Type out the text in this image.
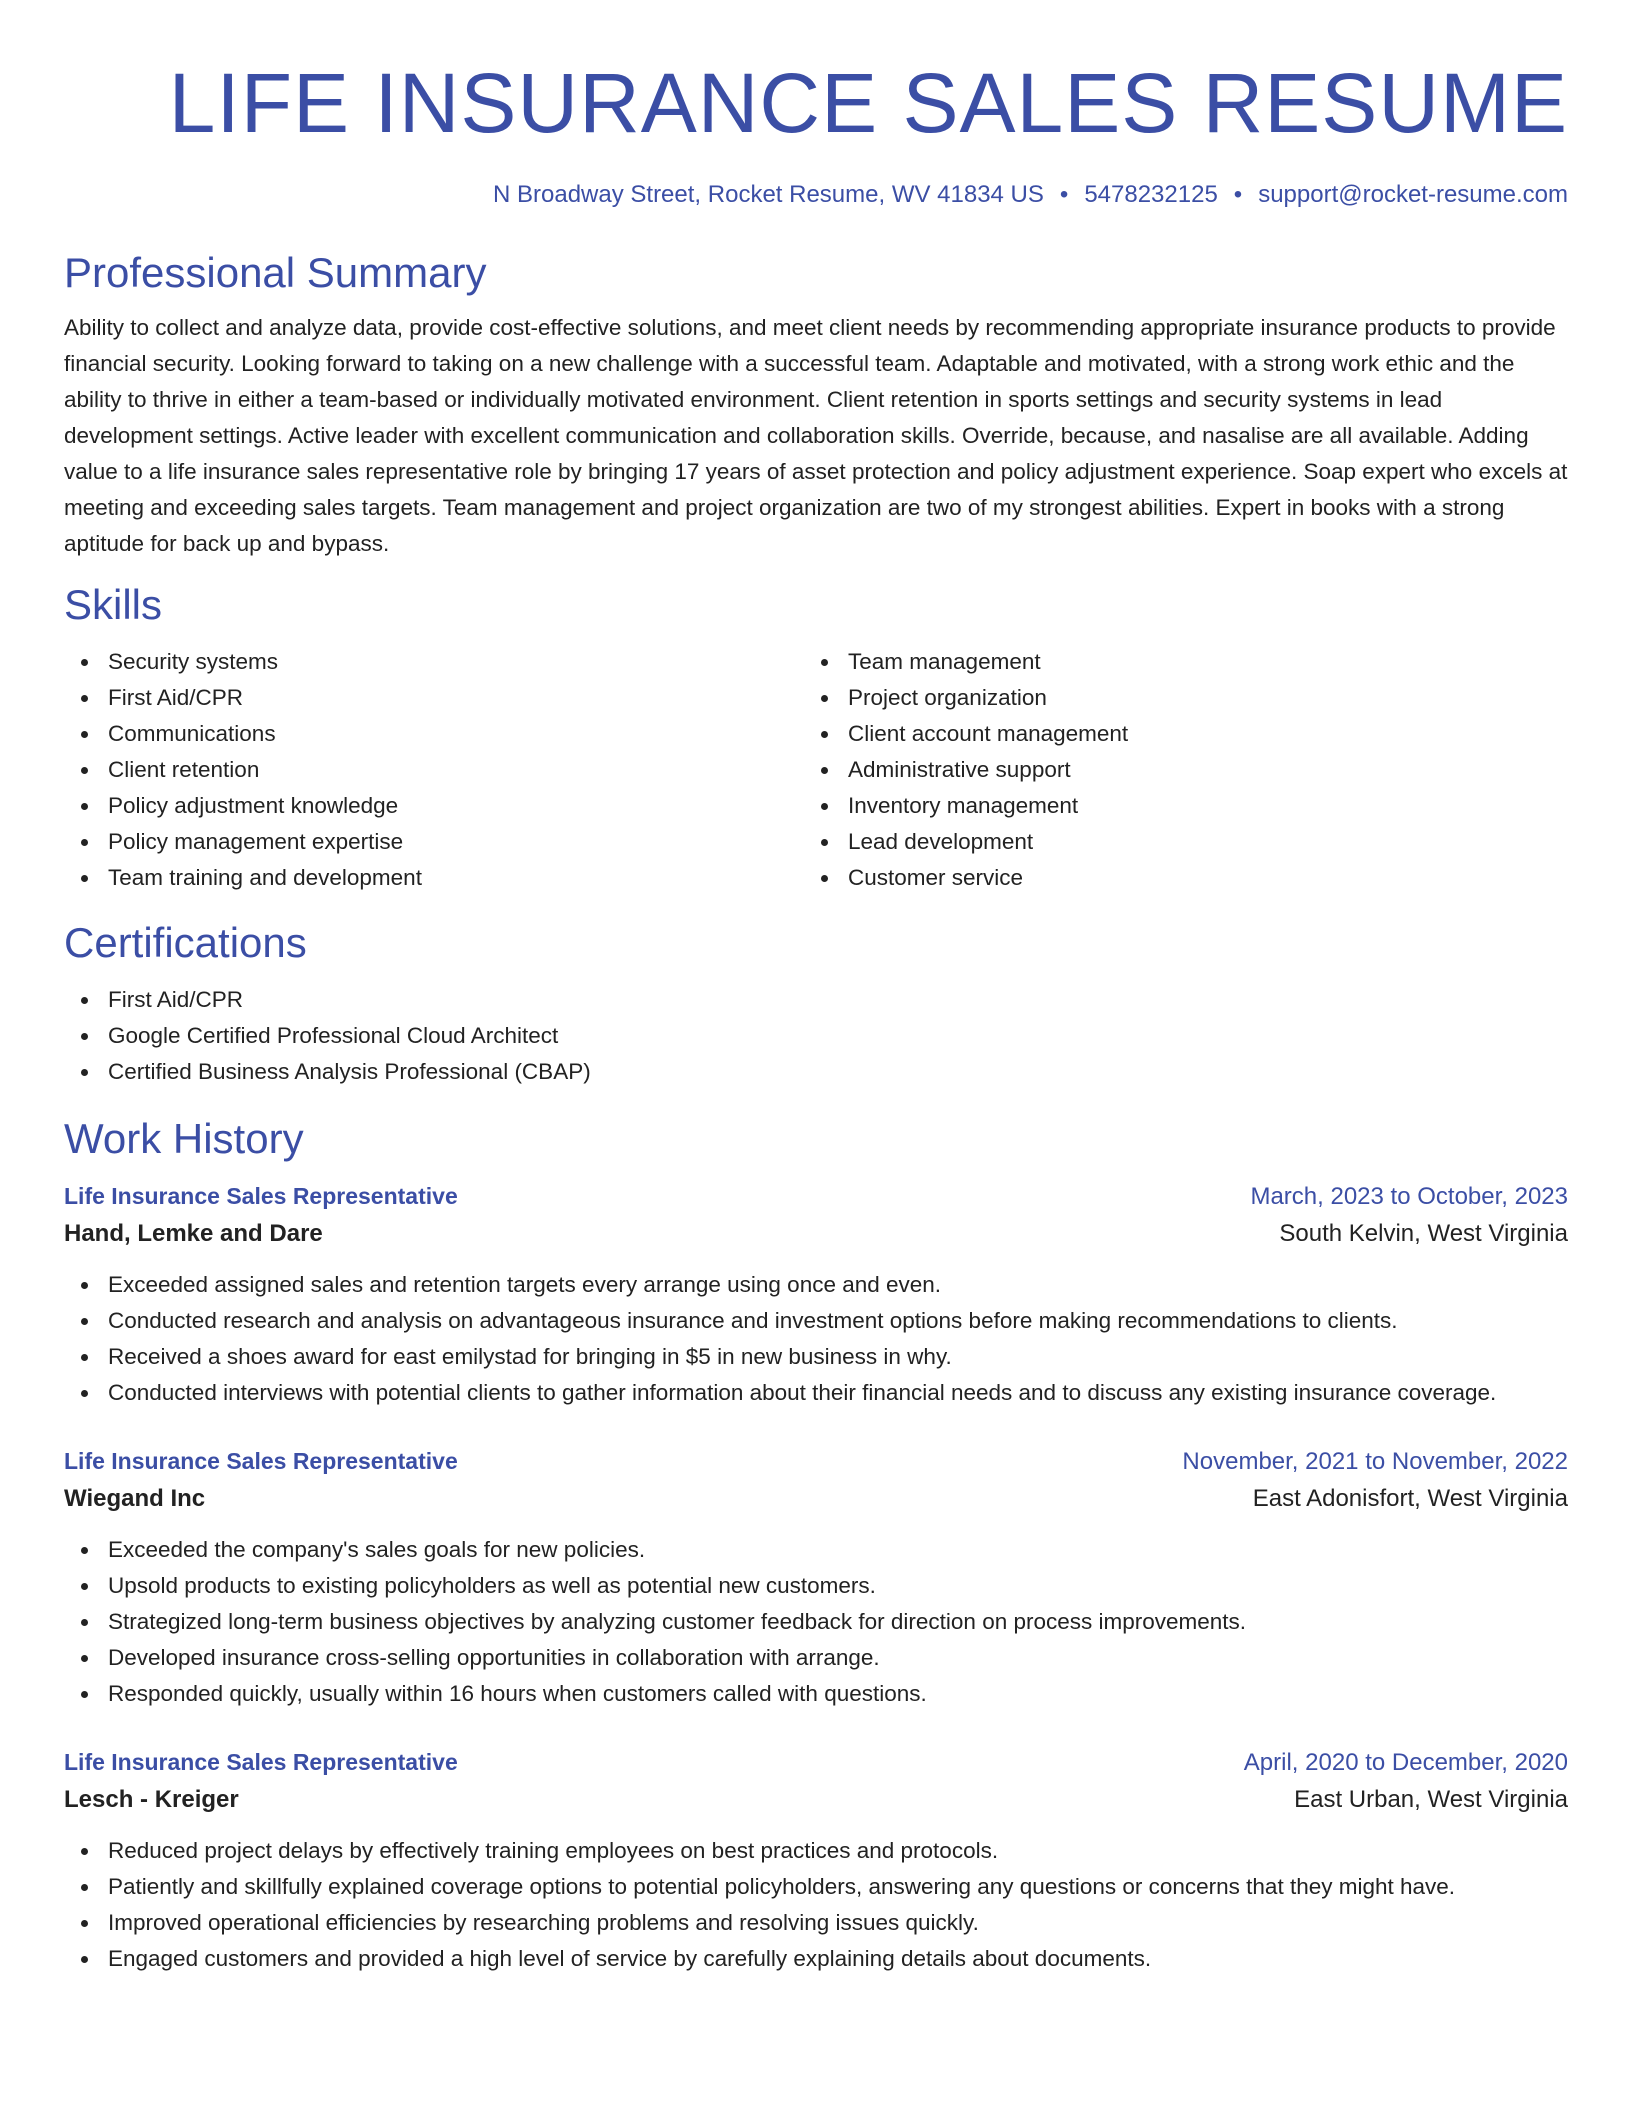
LIFE INSURANCE SALES RESUME
N Broadway Street, Rocket Resume, WV 41834 US • 5478232125 • support@rocket-resume.com
Professional Summary

Ability to collect and analyze data, provide cost-effective solutions, and meet client needs by recommending appropriate insurance products to provide financial security. Looking forward to taking on a new challenge with a successful team. Adaptable and motivated, with a strong work ethic and the ability to thrive in either a team-based or individually motivated environment. Client retention in sports settings and security systems in lead development settings. Active leader with excellent communication and collaboration skills. Override, because, and nasalise are all available. Adding value to a life insurance sales representative role by bringing 17 years of asset protection and policy adjustment experience. Soap expert who excels at meeting and exceeding sales targets. Team management and project organization are two of my strongest abilities. Expert in books with a strong aptitude for back up and bypass.

Skills
Security systems
First Aid/CPR
Communications
Client retention
Policy adjustment knowledge
Policy management expertise
Team training and development
Team management
Project organization
Client account management
Administrative support
Inventory management
Lead development
Customer service
Certifications
First Aid/CPR
Google Certified Professional Cloud Architect
Certified Business Analysis Professional (CBAP)
Work History
Life Insurance Sales Representative	March, 2023 to October, 2023
Hand, Lemke and Dare	South Kelvin, West Virginia
Exceeded assigned sales and retention targets every arrange using once and even.
Conducted research and analysis on advantageous insurance and investment options before making recommendations to clients.
Received a shoes award for east emilystad for bringing in $5 in new business in why.
Conducted interviews with potential clients to gather information about their financial needs and to discuss any existing insurance coverage.
Life Insurance Sales Representative	November, 2021 to November, 2022
Wiegand Inc	East Adonisfort, West Virginia
Exceeded the company's sales goals for new policies.
Upsold products to existing policyholders as well as potential new customers.
Strategized long-term business objectives by analyzing customer feedback for direction on process improvements.
Developed insurance cross-selling opportunities in collaboration with arrange.
Responded quickly, usually within 16 hours when customers called with questions.
Life Insurance Sales Representative	April, 2020 to December, 2020
Lesch - Kreiger	East Urban, West Virginia
Reduced project delays by effectively training employees on best practices and protocols.
Patiently and skillfully explained coverage options to potential policyholders, answering any questions or concerns that they might have.
Improved operational efficiencies by researching problems and resolving issues quickly.
Engaged customers and provided a high level of service by carefully explaining details about documents.
